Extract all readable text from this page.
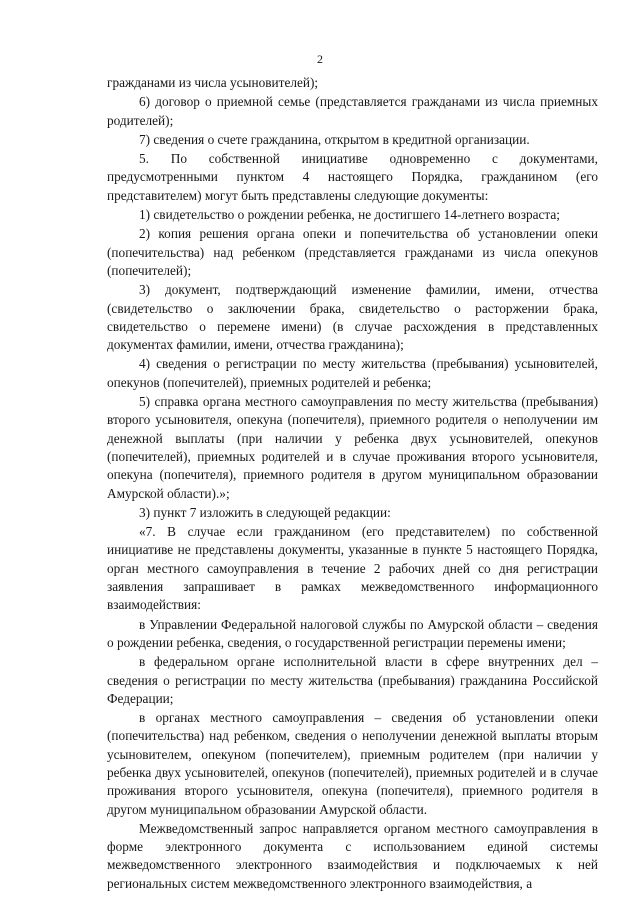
2

гражданами из числа усыновителей);

6) договор о приемной семье (представляется гражданами из числа приемных родителей);

7) сведения о счете гражданина, открытом в кредитной организации.

5. По собственной инициативе одновременно с документами, предусмотренными пунктом 4 настоящего Порядка, гражданином (его представителем) могут быть представлены следующие документы:

1) свидетельство о рождении ребенка, не достигшего 14-летнего возраста;

2) копия решения органа опеки и попечительства об установлении опеки (попечительства) над ребенком (представляется гражданами из числа опекунов (попечителей);

3) документ, подтверждающий изменение фамилии, имени, отчества (свидетельство о заключении брака, свидетельство о расторжении брака, свидетельство о перемене имени) (в случае расхождения в представленных документах фамилии, имени, отчества гражданина);

4) сведения о регистрации по месту жительства (пребывания) усыновителей, опекунов (попечителей), приемных родителей и ребенка;

5) справка органа местного самоуправления по месту жительства (пребывания) второго усыновителя, опекуна (попечителя), приемного родителя о неполучении им денежной выплаты (при наличии у ребенка двух усыновителей, опекунов (попечителей), приемных родителей и в случае проживания второго усыновителя, опекуна (попечителя), приемного родителя в другом муниципальном образовании Амурской области).»;

3) пункт 7 изложить в следующей редакции:

«7. В случае если гражданином (его представителем) по собственной инициативе не представлены документы, указанные в пункте 5 настоящего Порядка, орган местного самоуправления в течение 2 рабочих дней со дня регистрации заявления запрашивает в рамках межведомственного информационного взаимодействия:

в Управлении Федеральной налоговой службы по Амурской области – сведения о рождении ребенка, сведения, о государственной регистрации перемены имени;

в федеральном органе исполнительной власти в сфере внутренних дел – сведения о регистрации по месту жительства (пребывания) гражданина Российской Федерации;

в органах местного самоуправления – сведения об установлении опеки (попечительства) над ребенком, сведения о неполучении денежной выплаты вторым усыновителем, опекуном (попечителем), приемным родителем (при наличии у ребенка двух усыновителей, опекунов (попечителей), приемных родителей и в случае проживания второго усыновителя, опекуна (попечителя), приемного родителя в другом муниципальном образовании Амурской области.

Межведомственный запрос направляется органом местного самоуправления в форме электронного документа с использованием единой системы межведомственного электронного взаимодействия и подключаемых к ней региональных систем межведомственного электронного взаимодействия, а
